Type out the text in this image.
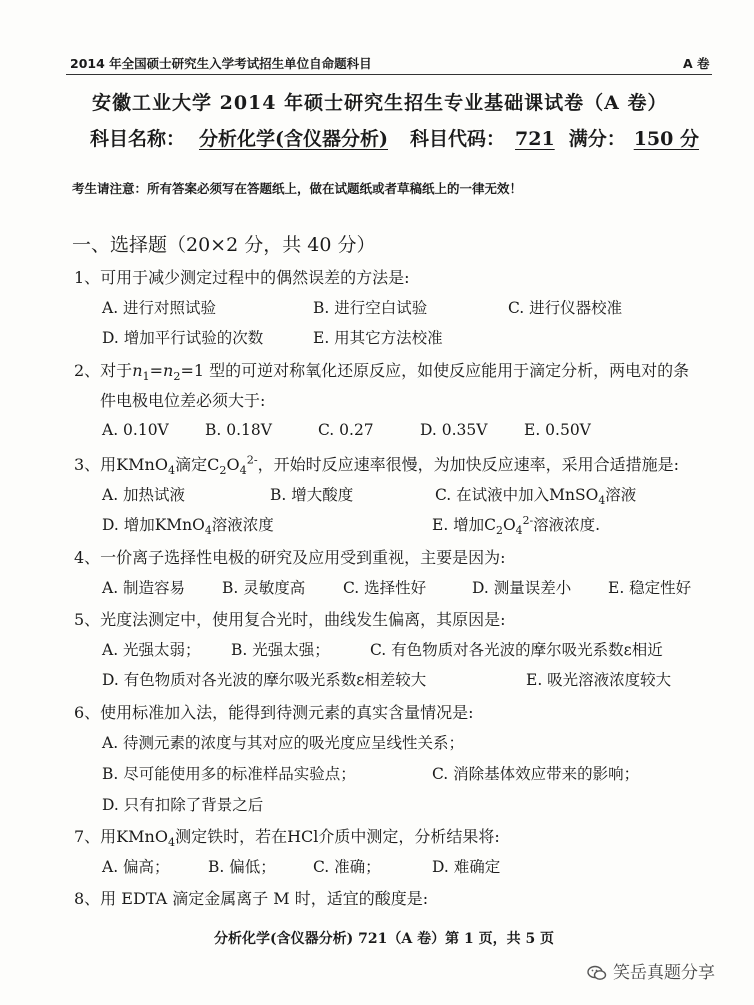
2014 年全国硕士研究生入学考试招生单位自命题科目	A 卷
安徽工业大学 2014 年硕士研究生招生专业基础课试卷（A 卷）
科目名称： 分析化学(含仪器分析) 科目代码： 721 满分： 150 分
考生请注意：所有答案必须写在答题纸上，做在试题纸或者草稿纸上的一律无效！
一、选择题（20×2 分，共 40 分）
1、可用于减少测定过程中的偶然误差的方法是:
A. 进行对照试验	B. 进行空白试验	C. 进行仪器校准
D. 增加平行试验的次数	E. 用其它方法校准
2、对于$n_1=n_2=1$ 型的可逆对称氧化还原反应，如使反应能用于滴定分析，两电对的条
件电极电位差必须大于:
A. 0.10V B. 0.18V	C. 0.27	D. 0.35V E. 0.50V
3、用KMnO$_4$滴定$C_2O_4^{2-}$，开始时反应速率很慢，为加快反应速率，采用合适措施是:
A. 加热试液	B. 增大酸度	C. 在试液中加入MnSO$_4$溶液
D. 增加KMnO$_4$溶液浓度	E. 增加$C_2O_4^{2-}$溶液浓度.
4、一价离子选择性电极的研究及应用受到重视，主要是因为:
A. 制造容易 B. 灵敏度高 C. 选择性好	D. 测量误差小 E. 稳定性好
5、光度法测定中，使用复合光时，曲线发生偏离，其原因是:
A. 光强太弱； B. 光强太强；	C. 有色物质对各光波的摩尔吸光系数ε相近
D. 有色物质对各光波的摩尔吸光系数ε相差较大	E. 吸光溶液浓度较大
6、使用标准加入法，能得到待测元素的真实含量情况是:
A. 待测元素的浓度与其对应的吸光度应呈线性关系；
B. 尽可能使用多的标准样品实验点；	C. 消除基体效应带来的影响；
D. 只有扣除了背景之后
7、用KMnO$_4$测定铁时，若在HCl介质中测定，分析结果将:
A. 偏高； B. 偏低； C. 准确；	D. 难确定
8、用 EDTA 滴定金属离子 M 时，适宜的酸度是:
分析化学(含仪器分析) 721（A 卷）第 1 页，共 5 页
笑岳真题分享
